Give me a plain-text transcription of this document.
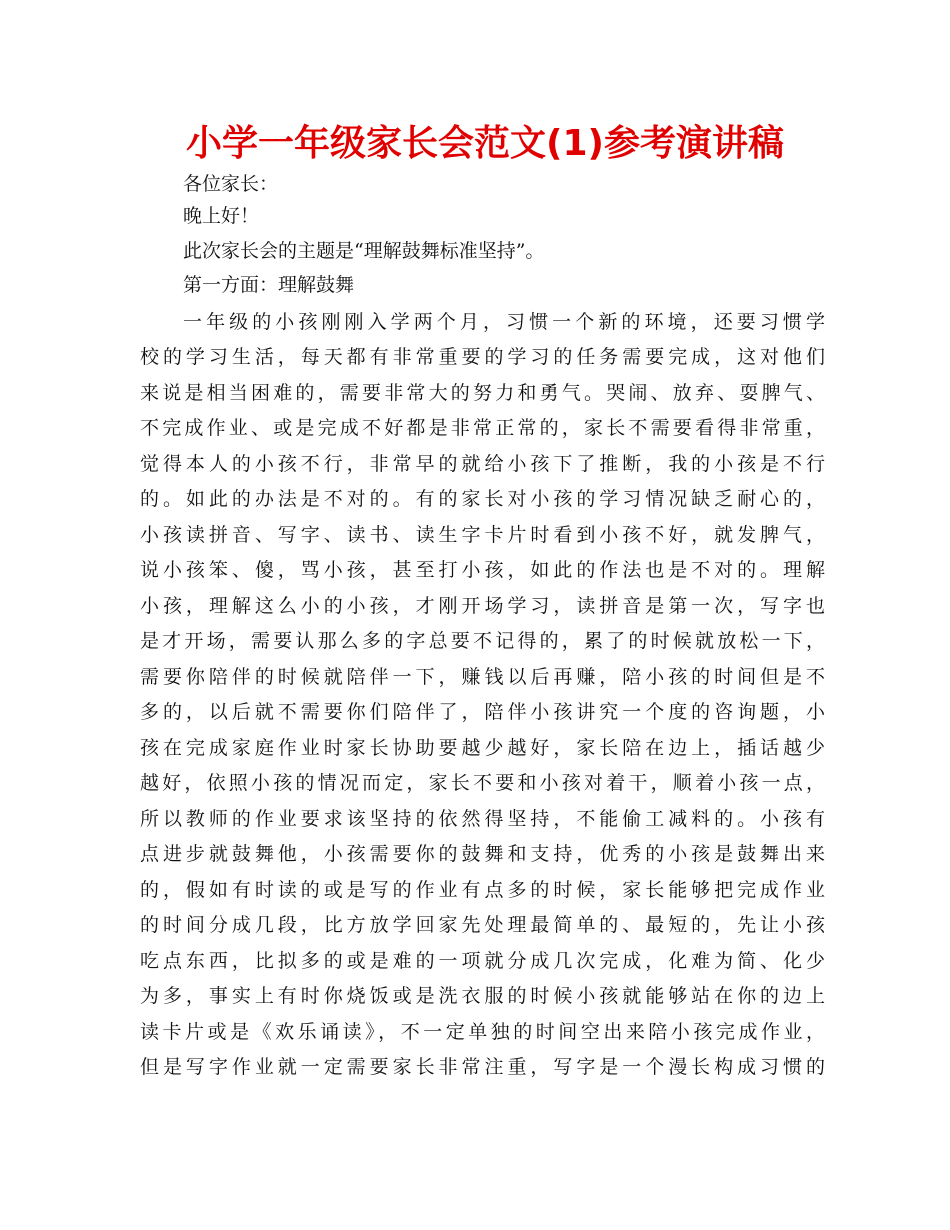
小学一年级家长会范文(1)参考演讲稿

各位家长：

晚上好！

此次家长会的主题是“理解鼓舞标准坚持”。

第一方面：理解鼓舞

一年级的小孩刚刚入学两个月，习惯一个新的环境，还要习惯学

校的学习生活，每天都有非常重要的学习的任务需要完成，这对他们

来说是相当困难的，需要非常大的努力和勇气。哭闹、放弃、耍脾气、

不完成作业、或是完成不好都是非常正常的，家长不需要看得非常重，

觉得本人的小孩不行，非常早的就给小孩下了推断，我的小孩是不行

的。如此的办法是不对的。有的家长对小孩的学习情况缺乏耐心的，

小孩读拼音、写字、读书、读生字卡片时看到小孩不好，就发脾气，

说小孩笨、傻，骂小孩，甚至打小孩，如此的作法也是不对的。理解

小孩，理解这么小的小孩，才刚开场学习，读拼音是第一次，写字也

是才开场，需要认那么多的字总要不记得的，累了的时候就放松一下，

需要你陪伴的时候就陪伴一下，赚钱以后再赚，陪小孩的时间但是不

多的，以后就不需要你们陪伴了，陪伴小孩讲究一个度的咨询题，小

孩在完成家庭作业时家长协助要越少越好，家长陪在边上，插话越少

越好，依照小孩的情况而定，家长不要和小孩对着干，顺着小孩一点，

所以教师的作业要求该坚持的依然得坚持，不能偷工减料的。小孩有

点进步就鼓舞他，小孩需要你的鼓舞和支持，优秀的小孩是鼓舞出来

的，假如有时读的或是写的作业有点多的时候，家长能够把完成作业

的时间分成几段，比方放学回家先处理最简单的、最短的，先让小孩

吃点东西，比拟多的或是难的一项就分成几次完成，化难为简、化少

为多，事实上有时你烧饭或是洗衣服的时候小孩就能够站在你的边上

读卡片或是《欢乐诵读》，不一定单独的时间空出来陪小孩完成作业，

但是写字作业就一定需要家长非常注重，写字是一个漫长构成习惯的
